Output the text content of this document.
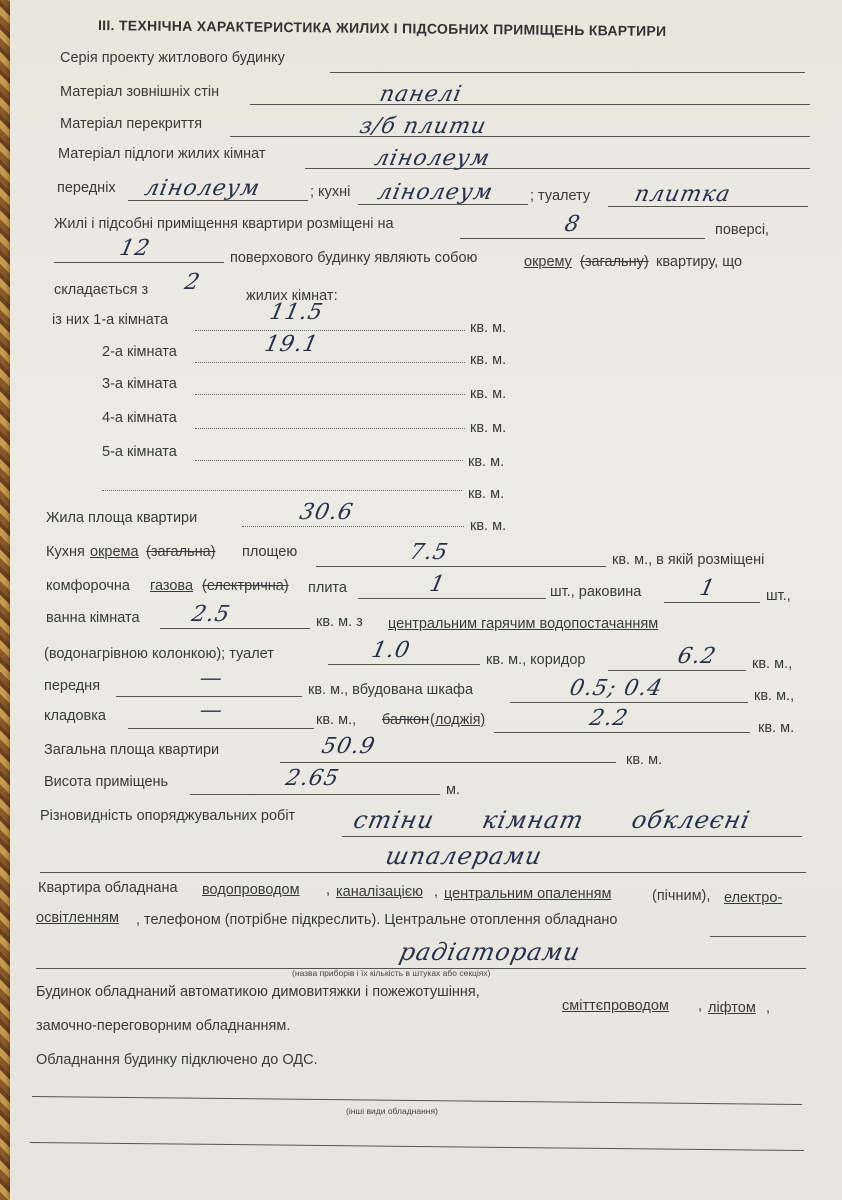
III. ТЕХНІЧНА ХАРАКТЕРИСТИКА ЖИЛИХ І ПІДСОБНИХ ПРИМІЩЕНЬ КВАРТИРИ
Серія проекту житлового будинку
Матеріал зовнішніх стін	панелі
Матеріал перекриття	з/б плити
Матеріал підлоги жилих кімнат	лінолеум
передніх лінолеум	; кухні лінолеум ; туалету плитка
Жилі і підсобні приміщення квартири розміщені на	8	поверсі,
12	поверхового будинку являють собою	окрему (загальну) квартиру, що
складається з 2
жилих кімнат:
із них 1-а кімната	11.5
кв. м.
2-а кімната	19.1
кв. м.
3-а кімната
кв. м.
4-а кімната
кв. м.
5-а кімната
кв. м.
кв. м.
Жила площа квартири	30.6
кв. м.
Кухня окрема (загальна) площею	7.5	кв. м., в якій розміщені
комфорочна газова (електрична) плита	1	шт., раковина	1	шт.,
ванна кімната 2.5	кв. м. з центральним гарячим водопостачанням
(водонагрівною колонкою); туалет	1.0	кв. м., коридор	6.2 кв. м.,
передня	—	кв. м., вбудована шкафа	0.5; 0.4	кв. м.,
кладовка	—	кв. м., балкон (лоджія)	2.2	кв. м.
Загальна площа квартири	50.9
кв. м.
Висота приміщень	2.65	м.
Різновидність опоряджувальних робіт стіни кімнат обклеєні
шпалерами
Квартира обладнана водопроводом , каналізацією , центральним опаленням	(пічним), електро-
освітленням , телефоном (потрібне підкреслить). Центральне отоплення обладнано
радіаторами
(назва приборів і їх кількість в штуках або секціях)
Будинок обладнаний автоматикою димовитяжки і пожежотушіння,
сміттєпроводом , ліфтом ,
замочно-переговорним обладнанням.
Обладнання будинку підключено до ОДС.
(інші види обладнання)
